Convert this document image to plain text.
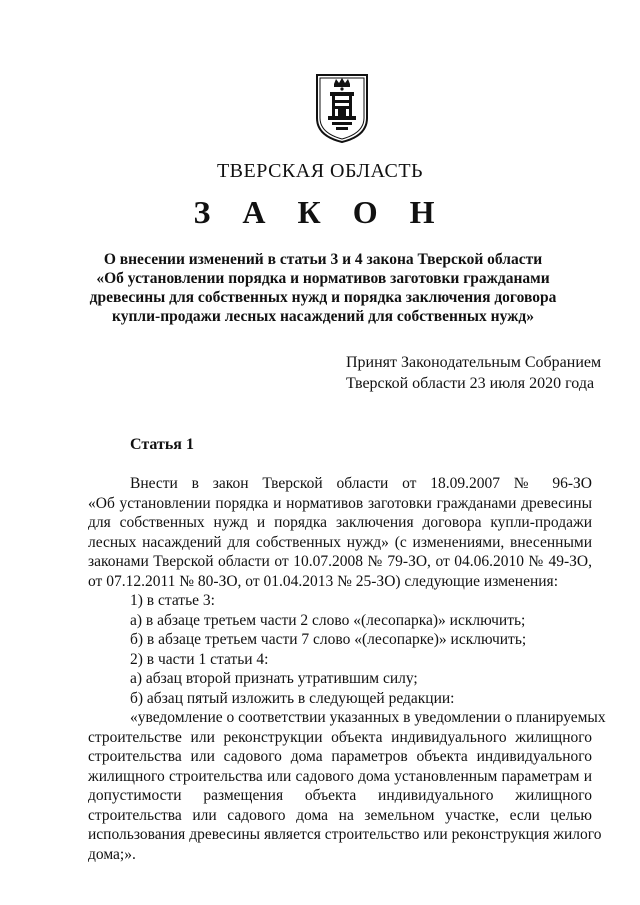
ТВЕРСКАЯ ОБЛАСТЬ
З А К О Н
О внесении изменений в статьи 3 и 4 закона Тверской области
«Об установлении порядка и нормативов заготовки гражданами
древесины для собственных нужд и порядка заключения договора
купли-продажи лесных насаждений для собственных нужд»
Принят Законодательным Собранием
Тверской области 23 июля 2020 года
Статья 1
Внести в закон Тверской области от 18.09.2007 № 96-ЗО
«Об установлении порядка и нормативов заготовки гражданами древесины
для собственных нужд и порядка заключения договора купли-продажи
лесных насаждений для собственных нужд» (с изменениями, внесенными
законами Тверской области от 10.07.2008 № 79-ЗО, от 04.06.2010 № 49-ЗО,
от 07.12.2011 № 80-ЗО, от 01.04.2013 № 25-ЗО) следующие изменения:
1) в статье 3:
а) в абзаце третьем части 2 слово «(лесопарка)» исключить;
б) в абзаце третьем части 7 слово «(лесопарке)» исключить;
2) в части 1 статьи 4:
а) абзац второй признать утратившим силу;
б) абзац пятый изложить в следующей редакции:
«уведомление о соответствии указанных в уведомлении о планируемых
строительстве или реконструкции объекта индивидуального жилищного
строительства или садового дома параметров объекта индивидуального
жилищного строительства или садового дома установленным параметрам и
допустимости размещения объекта индивидуального жилищного
строительства или садового дома на земельном участке, если целью
использования древесины является строительство или реконструкция жилого
дома;».
